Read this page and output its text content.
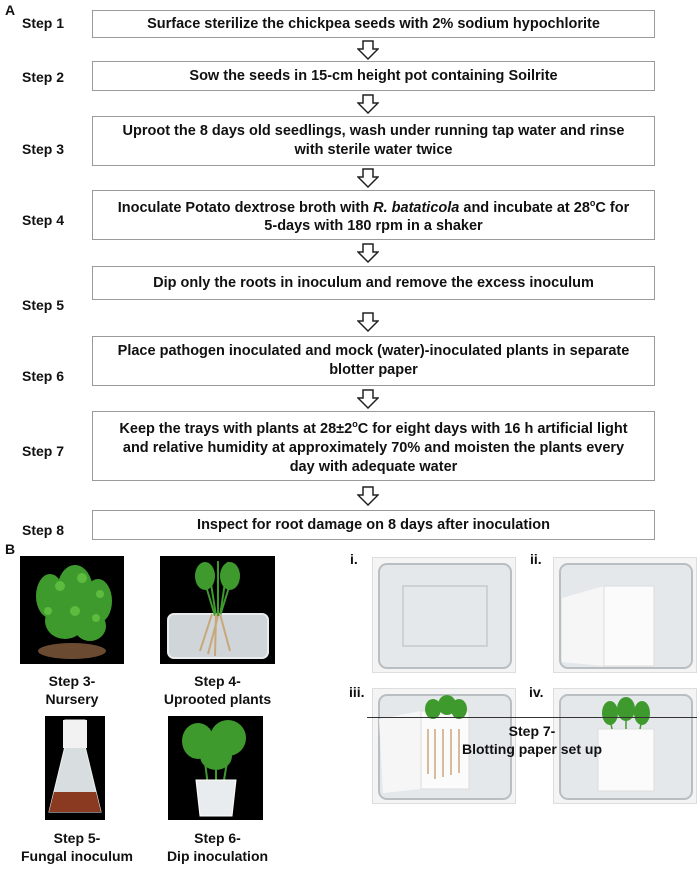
A
Step 1
Step 2
Step 3
Step 4
Step 5
Step 6
Step 7
Step 8
Surface sterilize the chickpea seeds with 2% sodium hypochlorite
Sow the seeds in 15-cm height pot containing Soilrite
Uproot the 8 days old seedlings, wash under running tap water and rinse
with sterile water twice
Inoculate Potato dextrose broth with R. bataticola and incubate at 28$^o$C for
5-days with 180 rpm in a shaker
Dip only the roots in inoculum and remove the excess inoculum
Place pathogen inoculated and mock (water)-inoculated plants in separate
blotter paper
Keep the trays with plants at $28\pm 2^oC$ for eight days with 16 h artificial light
and relative humidity at approximately 70% and moisten the plants every
day with adequate water
Inspect for root damage on 8 days after inoculation
B
Step 3-
Nursery
Step 4-
Uprooted plants
Step 5-
Fungal inoculum
Step 6-
Dip inoculation
i.	ii.
iii.	iv.
Step 7-
Blotting paper set up
